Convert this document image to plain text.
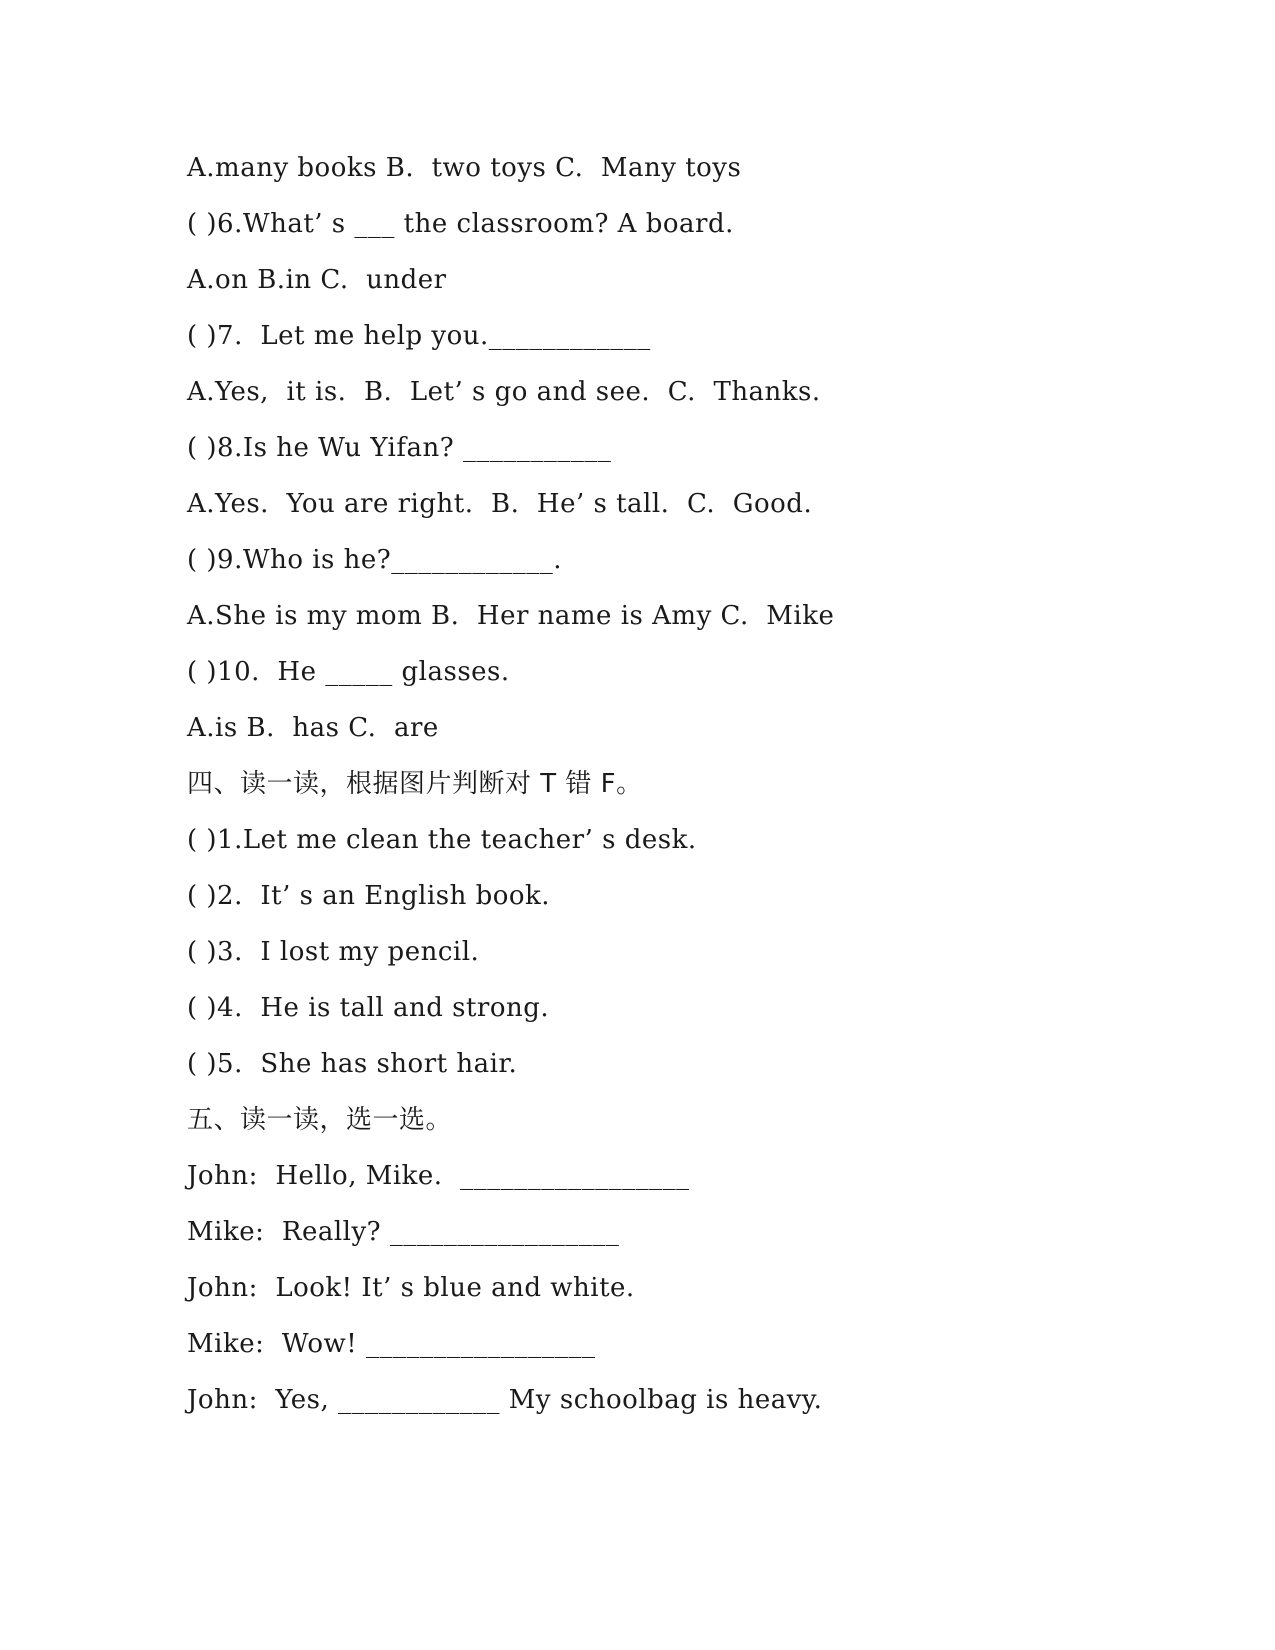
A.many books B.  two toys C.  Many toys
( )6.What’ s ___ the classroom? A board.
A.on B.in C.  under
( )7.  Let me help you.____________
A.Yes,  it is.  B.  Let’ s go and see.  C.  Thanks.
( )8.Is he Wu Yifan? ___________
A.Yes.  You are right.  B.  He’ s tall.  C.  Good.
( )9.Who is he?____________.
A.She is my mom B.  Her name is Amy C.  Mike
( )10.  He _____ glasses.
A.is B.  has C.  are
四、读一读，根据图片判断对 T 错 F。
( )1.Let me clean the teacher’ s desk.
( )2.  It’ s an English book.
( )3.  I lost my pencil.
( )4.  He is tall and strong.
( )5.  She has short hair.
五、读一读，选一选。
John:  Hello, Mike.  _________________
Mike:  Really? _________________
John:  Look! It’ s blue and white.
Mike:  Wow! _________________
John:  Yes, ____________ My schoolbag is heavy.
